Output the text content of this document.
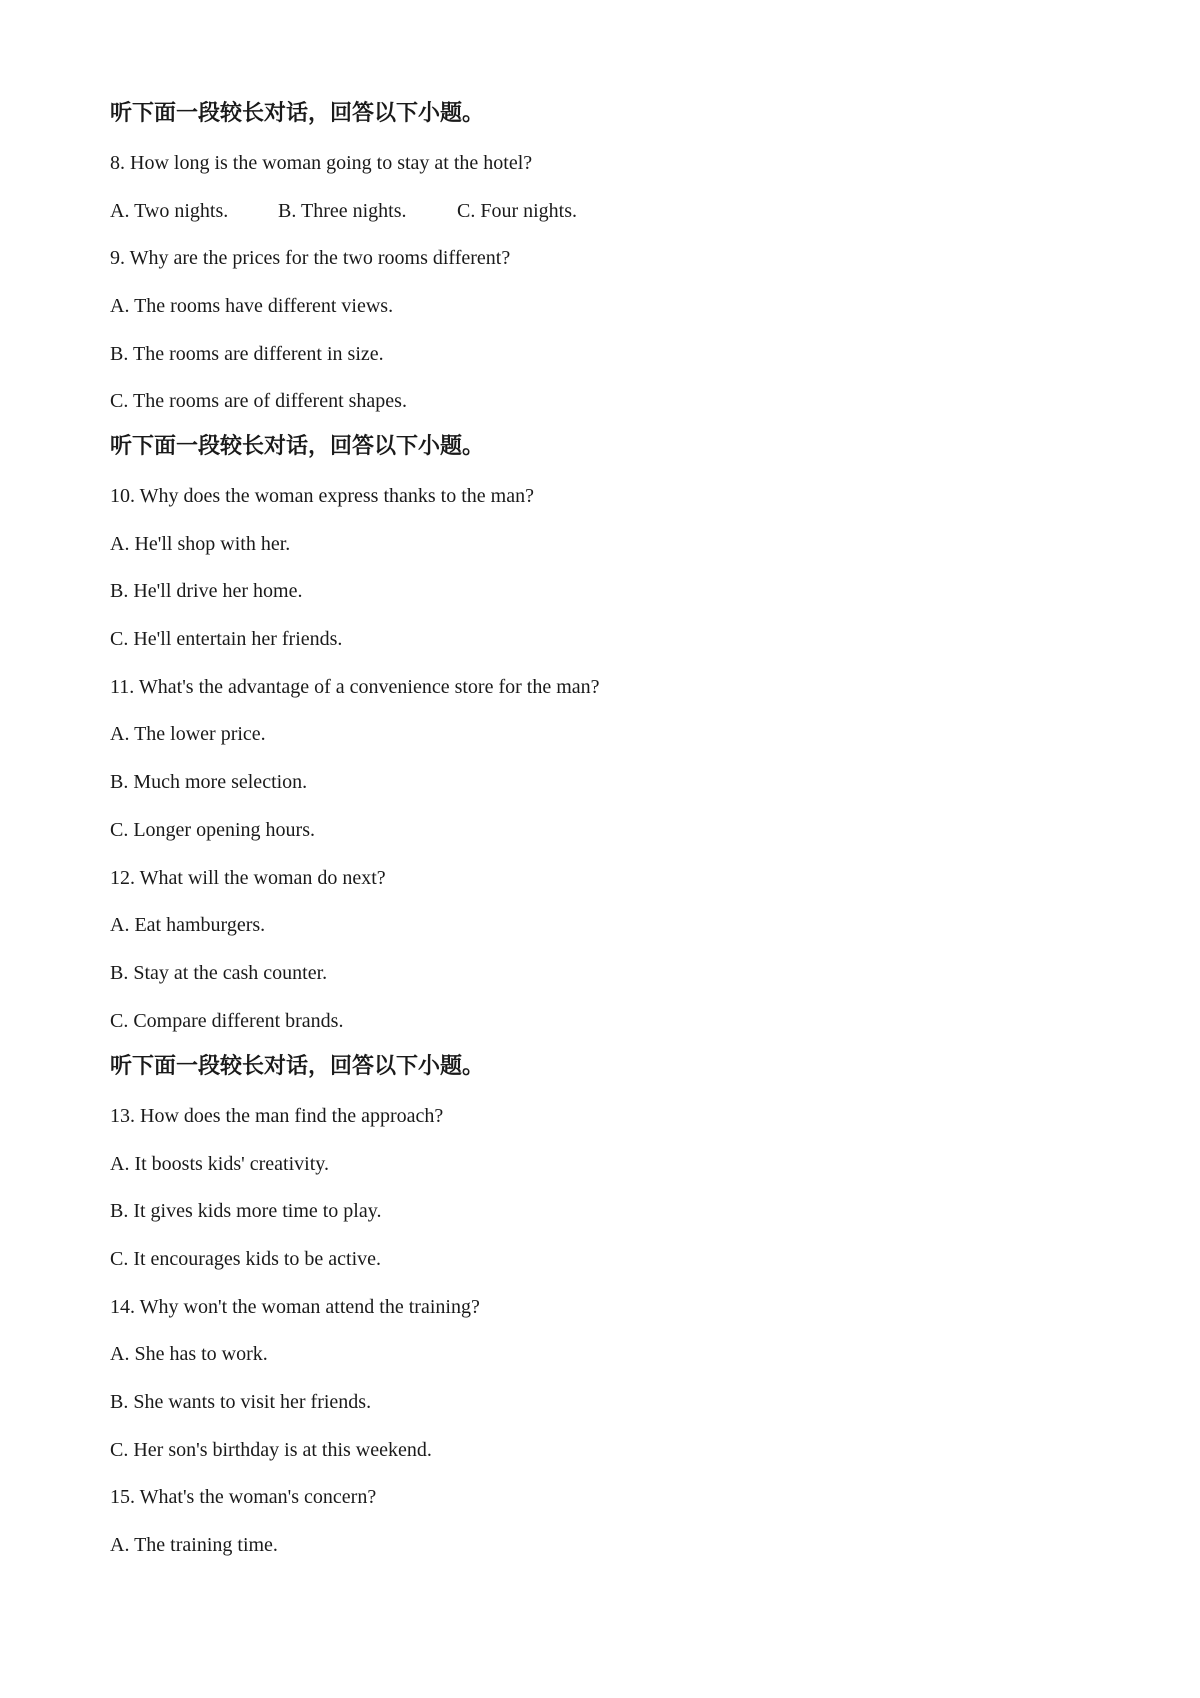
听下面一段较长对话，回答以下小题。
8. How long is the woman going to stay at the hotel?
A. Two nights. B. Three nights.	C. Four nights.
9. Why are the prices for the two rooms different?
A. The rooms have different views.
B. The rooms are different in size.
C. The rooms are of different shapes.
听下面一段较长对话，回答以下小题。
10. Why does the woman express thanks to the man?
A. He'll shop with her.
B. He'll drive her home.
C. He'll entertain her friends.
11. What's the advantage of a convenience store for the man?
A. The lower price.
B. Much more selection.
C. Longer opening hours.
12. What will the woman do next?
A. Eat hamburgers.
B. Stay at the cash counter.
C. Compare different brands.
听下面一段较长对话，回答以下小题。
13. How does the man find the approach?
A. It boosts kids' creativity.
B. It gives kids more time to play.
C. It encourages kids to be active.
14. Why won't the woman attend the training?
A. She has to work.
B. She wants to visit her friends.
C. Her son's birthday is at this weekend.
15. What's the woman's concern?
A. The training time.
